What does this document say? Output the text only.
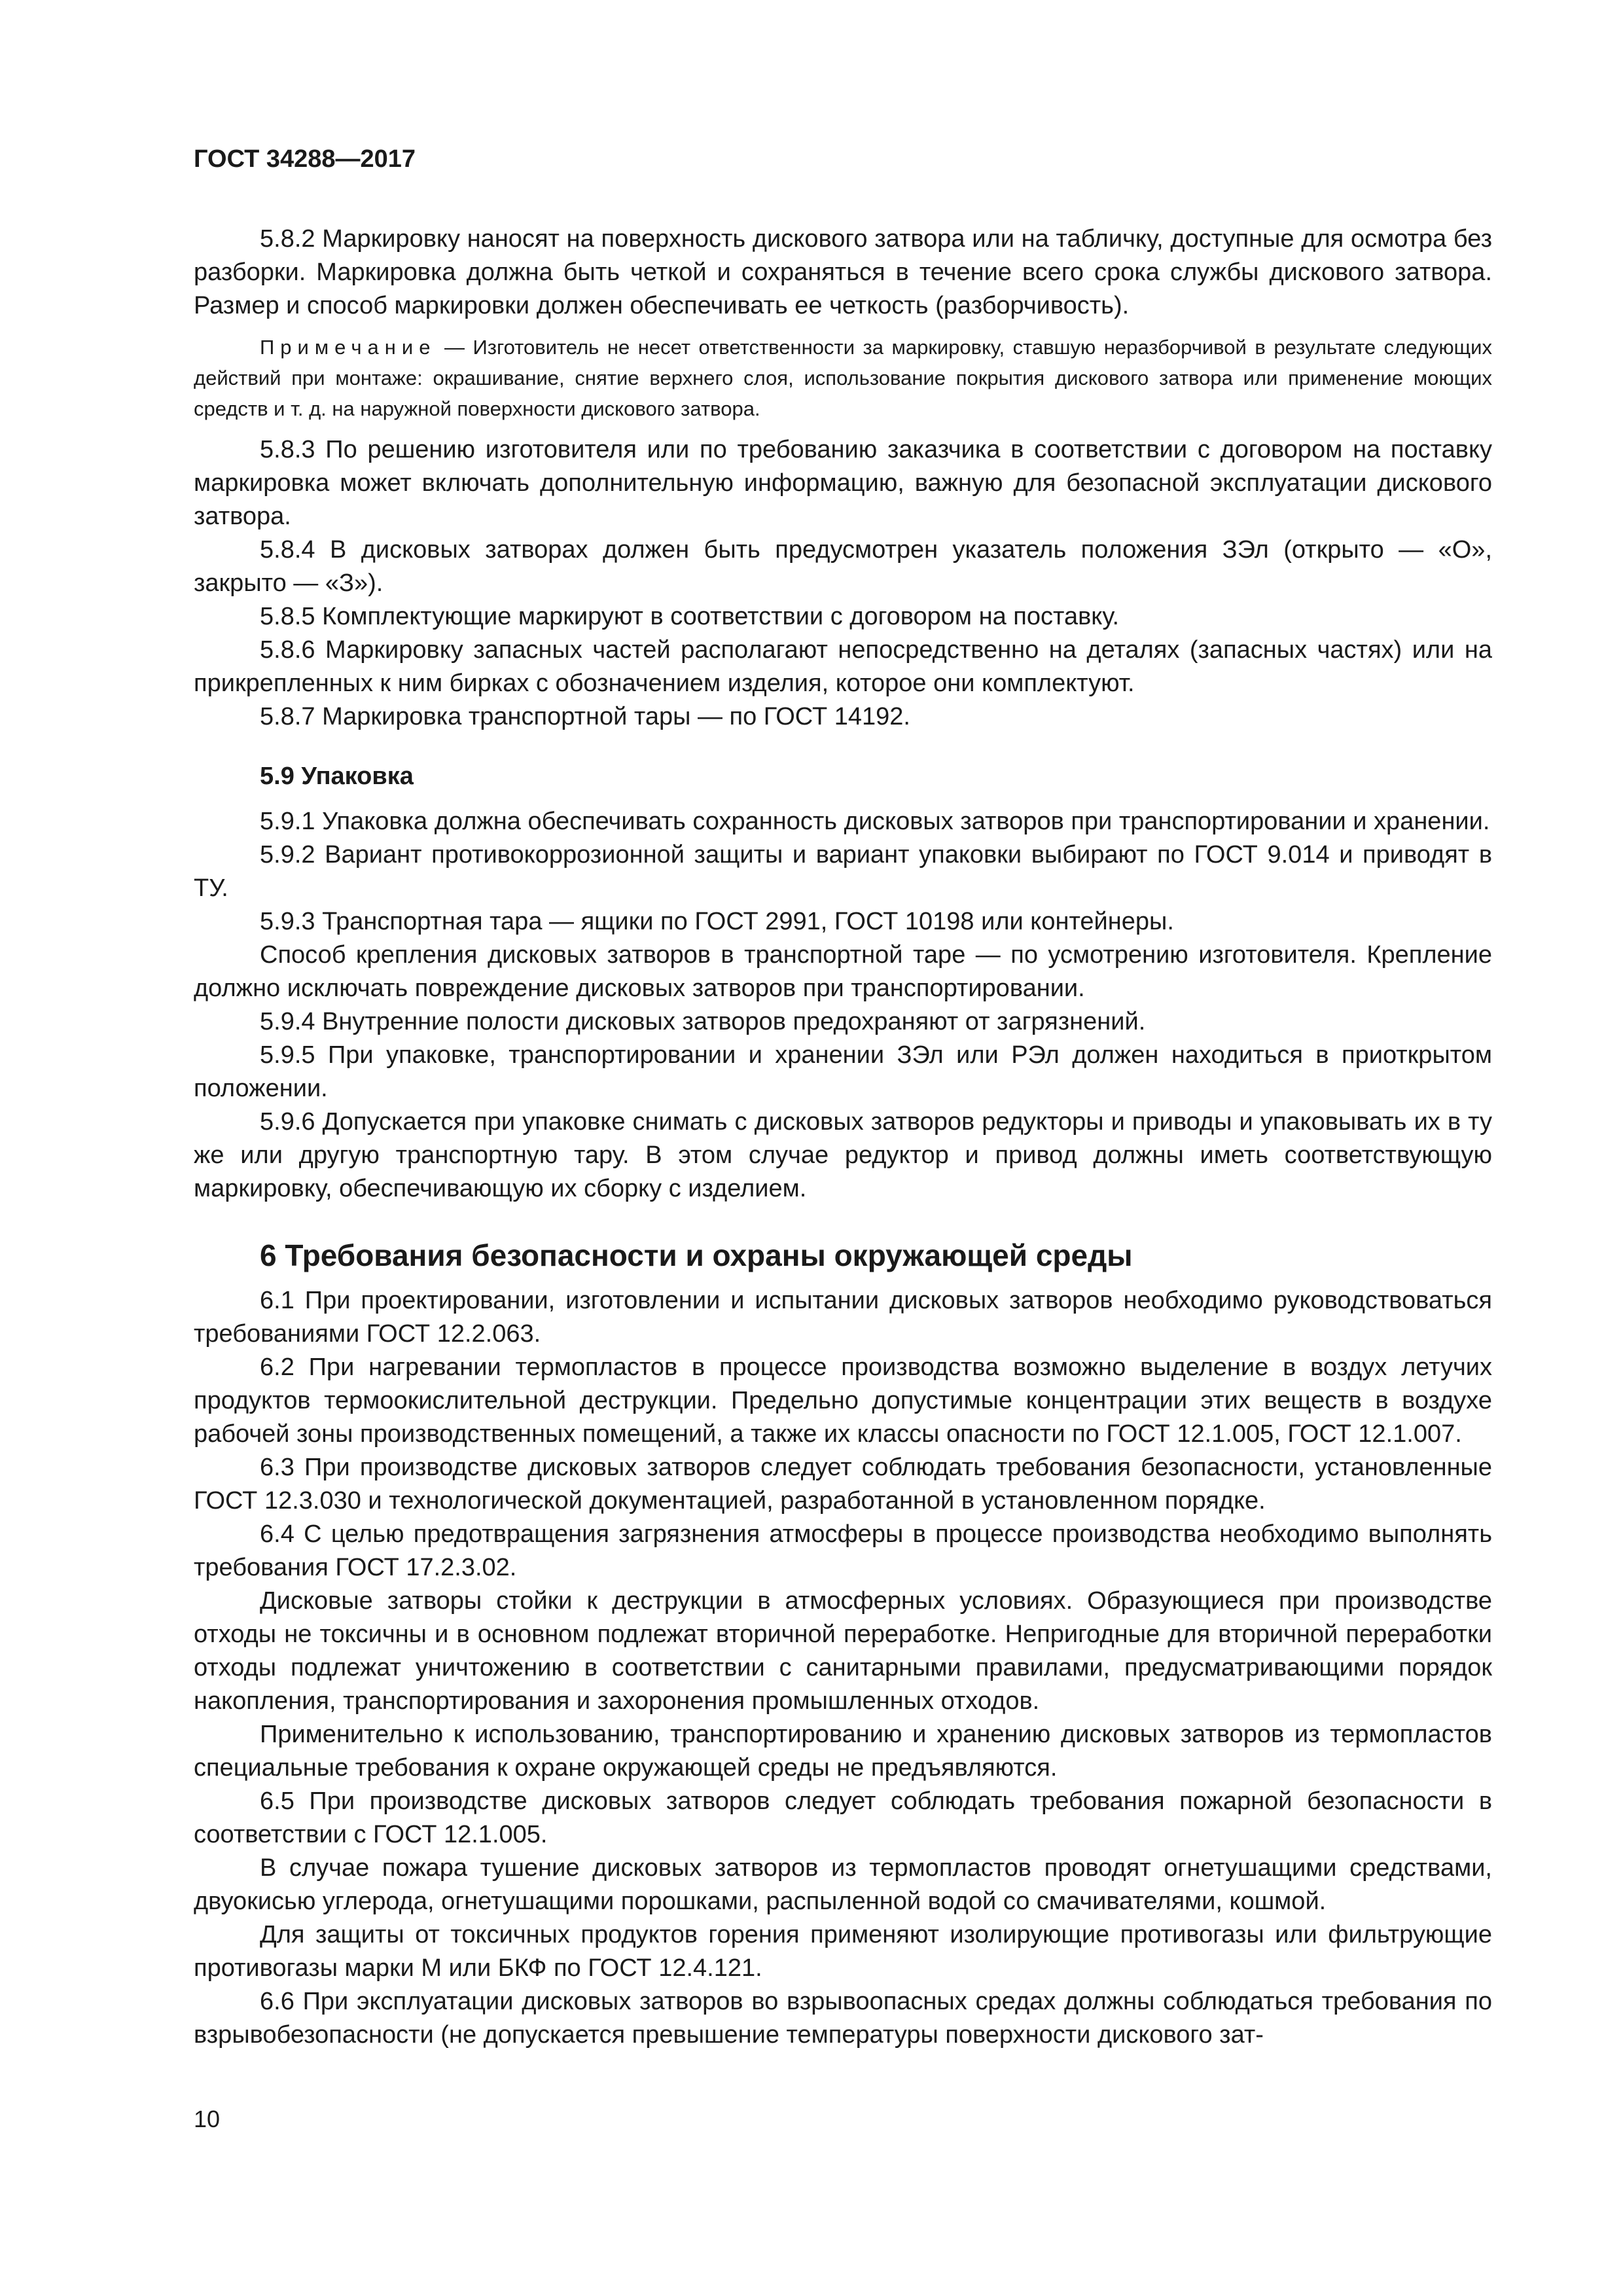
ГОСТ 34288—2017

5.8.2 Маркировку наносят на поверхность дискового затвора или на табличку, доступные для осмотра без разборки. Маркировка должна быть четкой и сохраняться в течение всего срока службы дискового затвора. Размер и способ маркировки должен обеспечивать ее четкость (разборчивость).

Примечание — Изготовитель не несет ответственности за маркировку, ставшую неразборчивой в результате следующих действий при монтаже: окрашивание, снятие верхнего слоя, использование покрытия дискового затвора или применение моющих средств и т. д. на наружной поверхности дискового затвора.

5.8.3 По решению изготовителя или по требованию заказчика в соответствии с договором на поставку маркировка может включать дополнительную информацию, важную для безопасной эксплуатации дискового затвора.

5.8.4 В дисковых затворах должен быть предусмотрен указатель положения ЗЭл (открыто — «О», закрыто — «З»).

5.8.5 Комплектующие маркируют в соответствии с договором на поставку.

5.8.6 Маркировку запасных частей располагают непосредственно на деталях (запасных частях) или на прикрепленных к ним бирках с обозначением изделия, которое они комплектуют.

5.8.7 Маркировка транспортной тары — по ГОСТ 14192.

5.9 Упаковка

5.9.1 Упаковка должна обеспечивать сохранность дисковых затворов при транспортировании и хранении.

5.9.2 Вариант противокоррозионной защиты и вариант упаковки выбирают по ГОСТ 9.014 и приводят в ТУ.

5.9.3 Транспортная тара — ящики по ГОСТ 2991, ГОСТ 10198 или контейнеры.

Способ крепления дисковых затворов в транспортной таре — по усмотрению изготовителя. Крепление должно исключать повреждение дисковых затворов при транспортировании.

5.9.4 Внутренние полости дисковых затворов предохраняют от загрязнений.

5.9.5 При упаковке, транспортировании и хранении ЗЭл или РЭл должен находиться в приоткрытом положении.

5.9.6 Допускается при упаковке снимать с дисковых затворов редукторы и приводы и упаковывать их в ту же или другую транспортную тару. В этом случае редуктор и привод должны иметь соответствующую маркировку, обеспечивающую их сборку с изделием.

6 Требования безопасности и охраны окружающей среды

6.1 При проектировании, изготовлении и испытании дисковых затворов необходимо руководствоваться требованиями ГОСТ 12.2.063.

6.2 При нагревании термопластов в процессе производства возможно выделение в воздух летучих продуктов термоокислительной деструкции. Предельно допустимые концентрации этих веществ в воздухе рабочей зоны производственных помещений, а также их классы опасности по ГОСТ 12.1.005, ГОСТ 12.1.007.

6.3 При производстве дисковых затворов следует соблюдать требования безопасности, установленные ГОСТ 12.3.030 и технологической документацией, разработанной в установленном порядке.

6.4 С целью предотвращения загрязнения атмосферы в процессе производства необходимо выполнять требования ГОСТ 17.2.3.02.

Дисковые затворы стойки к деструкции в атмосферных условиях. Образующиеся при производстве отходы не токсичны и в основном подлежат вторичной переработке. Непригодные для вторичной переработки отходы подлежат уничтожению в соответствии с санитарными правилами, предусматривающими порядок накопления, транспортирования и захоронения промышленных отходов.

Применительно к использованию, транспортированию и хранению дисковых затворов из термопластов специальные требования к охране окружающей среды не предъявляются.

6.5 При производстве дисковых затворов следует соблюдать требования пожарной безопасности в соответствии с ГОСТ 12.1.005.

В случае пожара тушение дисковых затворов из термопластов проводят огнетушащими средствами, двуокисью углерода, огнетушащими порошками, распыленной водой со смачивателями, кошмой.

Для защиты от токсичных продуктов горения применяют изолирующие противогазы или фильтрующие противогазы марки М или БКФ по ГОСТ 12.4.121.

6.6 При эксплуатации дисковых затворов во взрывоопасных средах должны соблюдаться требования по взрывобезопасности (не допускается превышение температуры поверхности дискового зат-

10
